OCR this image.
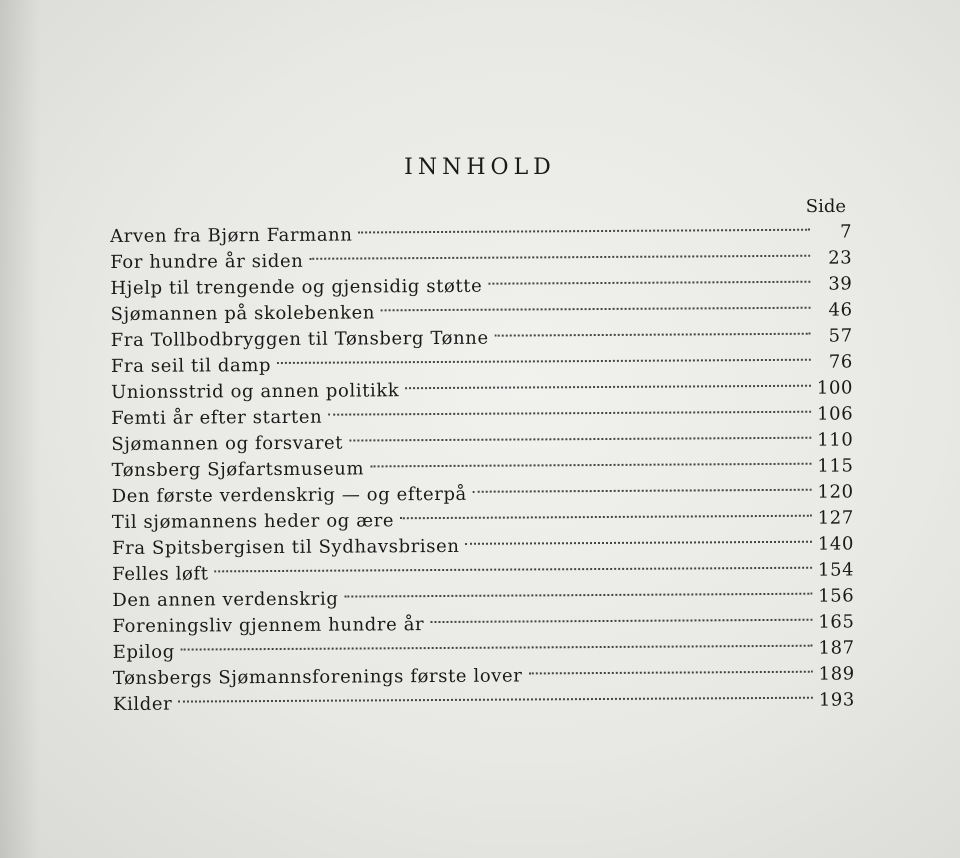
INNHOLD
Side
Arven fra Bjørn Farmann	7
For hundre år siden	23
Hjelp til trengende og gjensidig støtte	39
Sjømannen på skolebenken	46
Fra Tollbodbryggen til Tønsberg Tønne	57
Fra seil til damp	76
Unionsstrid og annen politikk	100
Femti år efter starten	106
Sjømannen og forsvaret	110
Tønsberg Sjøfartsmuseum	115
Den første verdenskrig — og efterpå	120
Til sjømannens heder og ære	127
Fra Spitsbergisen til Sydhavsbrisen	140
Felles løft	154
Den annen verdenskrig	156
Foreningsliv gjennem hundre år	165
Epilog	187
Tønsbergs Sjømannsforenings første lover	189
Kilder	193
